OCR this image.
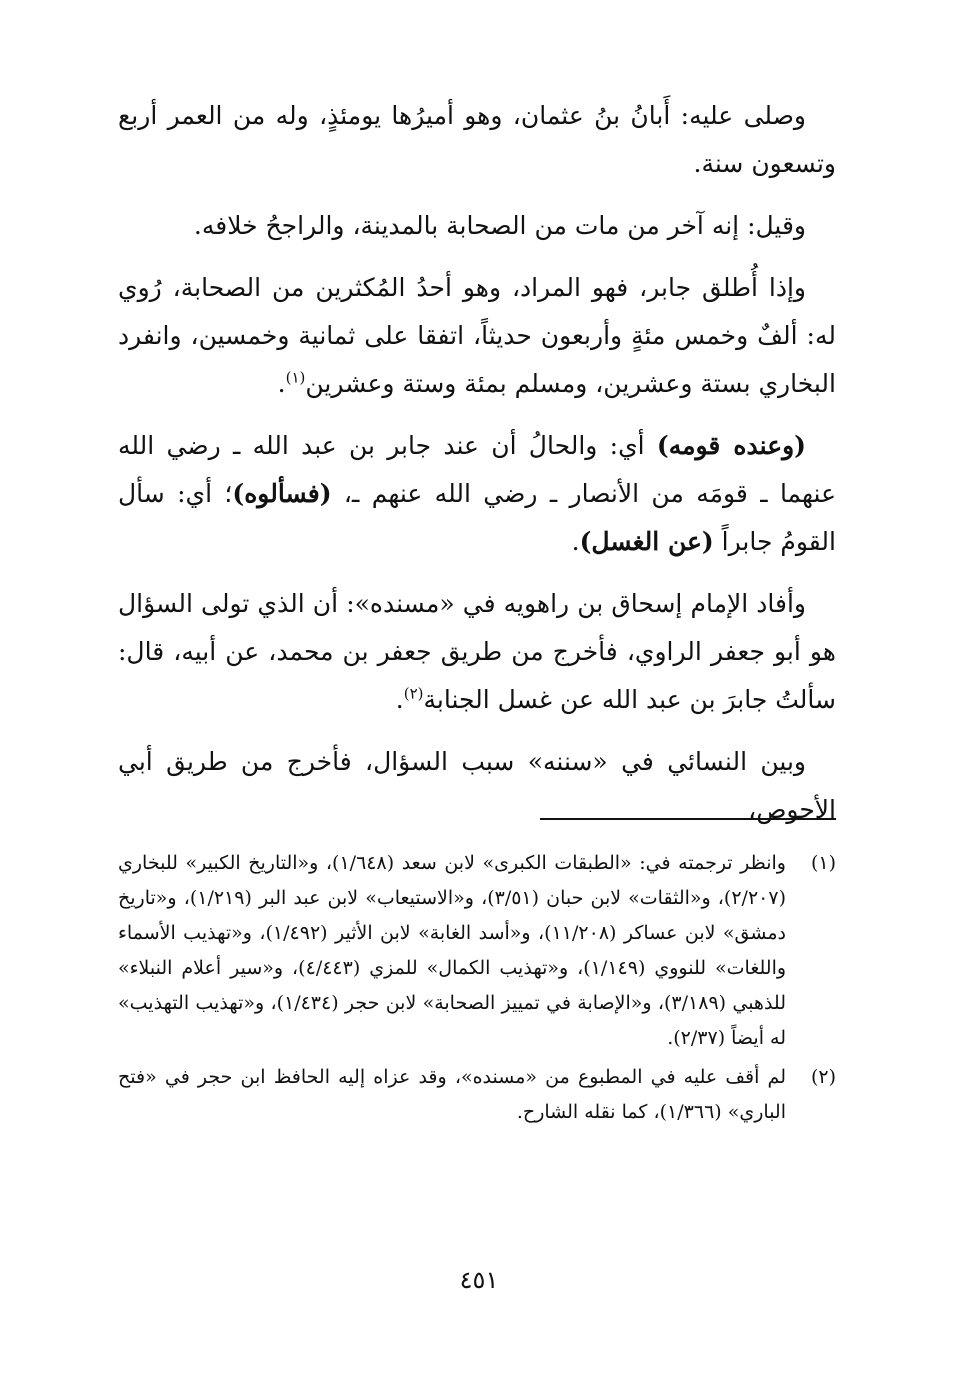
وصلى عليه: أَبانُ بنُ عثمان، وهو أميرُها يومئذٍ، وله من العمر أربع وتسعون سنة.

وقيل: إنه آخر من مات من الصحابة بالمدينة، والراجحُ خلافه.

وإذا أُطلق جابر، فهو المراد، وهو أحدُ المُكثرين من الصحابة، رُوي له: ألفٌ وخمس مئةٍ وأربعون حديثاً، اتفقا على ثمانية وخمسين، وانفرد البخاري بستة وعشرين، ومسلم بمئة وستة وعشرين$^{(١)}$.

(وعنده قومه) أي: والحالُ أن عند جابر بن عبد الله ـ رضي الله عنهما ـ قومَه من الأنصار ـ رضي الله عنهم ـ، (فسألوه)؛ أي: سأل القومُ جابراً (عن الغسل).

وأفاد الإمام إسحاق بن راهويه في «مسنده»: أن الذي تولى السؤال هو أبو جعفر الراوي، فأخرج من طريق جعفر بن محمد، عن أبيه، قال: سألتُ جابرَ بن عبد الله عن غسل الجنابة$^{(٢)}$.

وبين النسائي في «سننه» سبب السؤال، فأخرج من طريق أبي الأحوص،

(١)
وانظر ترجمته في: «الطبقات الكبرى» لابن سعد (١/٦٤٨)، و«التاريخ الكبير» للبخاري (٢/٢٠٧)، و«الثقات» لابن حبان (٣/٥١)، و«الاستيعاب» لابن عبد البر (١/٢١٩)، و«تاريخ دمشق» لابن عساكر (١١/٢٠٨)، و«أسد الغابة» لابن الأثير (١/٤٩٢)، و«تهذيب الأسماء واللغات» للنووي (١/١٤٩)، و«تهذيب الكمال» للمزي (٤/٤٤٣)، و«سير أعلام النبلاء» للذهبي (٣/١٨٩)، و«الإصابة في تمييز الصحابة» لابن حجر (١/٤٣٤)، و«تهذيب التهذيب» له أيضاً (٢/٣٧).
(٢)
لم أقف عليه في المطبوع من «مسنده»، وقد عزاه إليه الحافظ ابن حجر في «فتح الباري» (١/٣٦٦)، كما نقله الشارح.
٤٥١
